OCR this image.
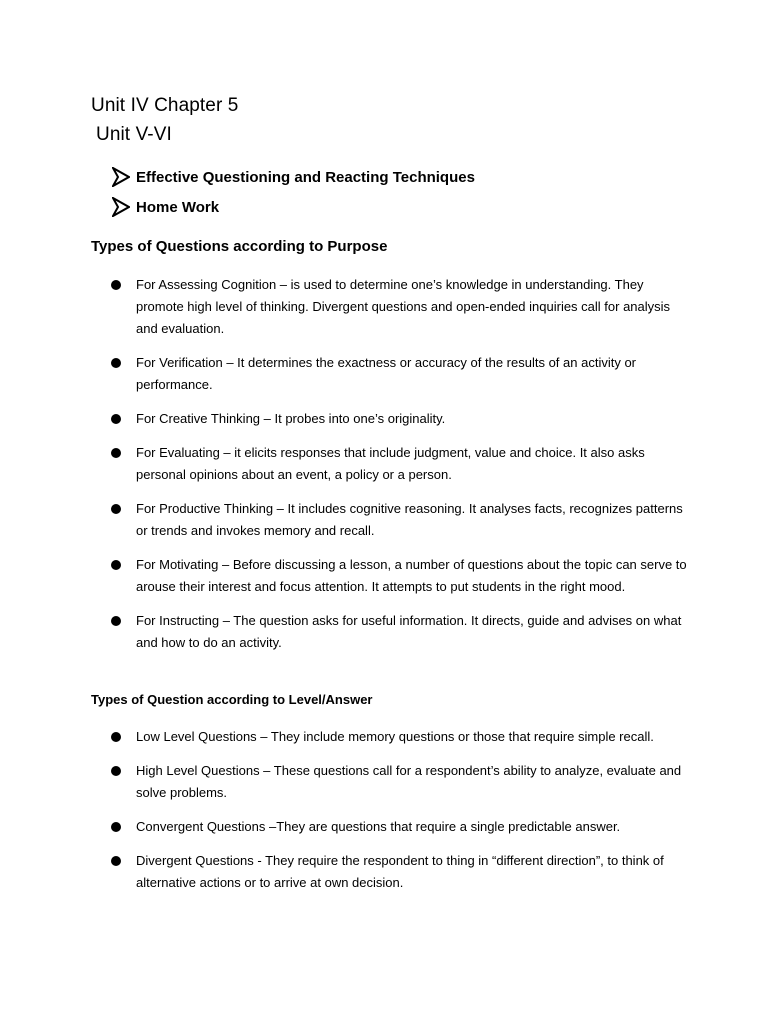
Unit IV Chapter 5
Unit V-VI
Effective Questioning and Reacting Techniques
Home Work
Types of Questions according to Purpose
For Assessing Cognition – is used to determine one’s knowledge in understanding. They promote high level of thinking. Divergent questions and open-ended inquiries call for analysis and evaluation.
For Verification – It determines the exactness or accuracy of the results of an activity or performance.
For Creative Thinking – It probes into one’s originality.
For Evaluating – it elicits responses that include judgment, value and choice. It also asks personal opinions about an event, a policy or a person.
For Productive Thinking – It includes cognitive reasoning. It analyses facts, recognizes patterns or trends and invokes memory and recall.
For Motivating – Before discussing a lesson, a number of questions about the topic can serve to arouse their interest and focus attention. It attempts to put students in the right mood.
For Instructing – The question asks for useful information. It directs, guide and advises on what and how to do an activity.
Types of Question according to Level/Answer
Low Level Questions – They include memory questions or those that require simple recall.
High Level Questions – These questions call for a respondent’s ability to analyze, evaluate and solve problems.
Convergent Questions –They are questions that require a single predictable answer.
Divergent Questions - They require the respondent to thing in “different direction”, to think of alternative actions or to arrive at own decision.
